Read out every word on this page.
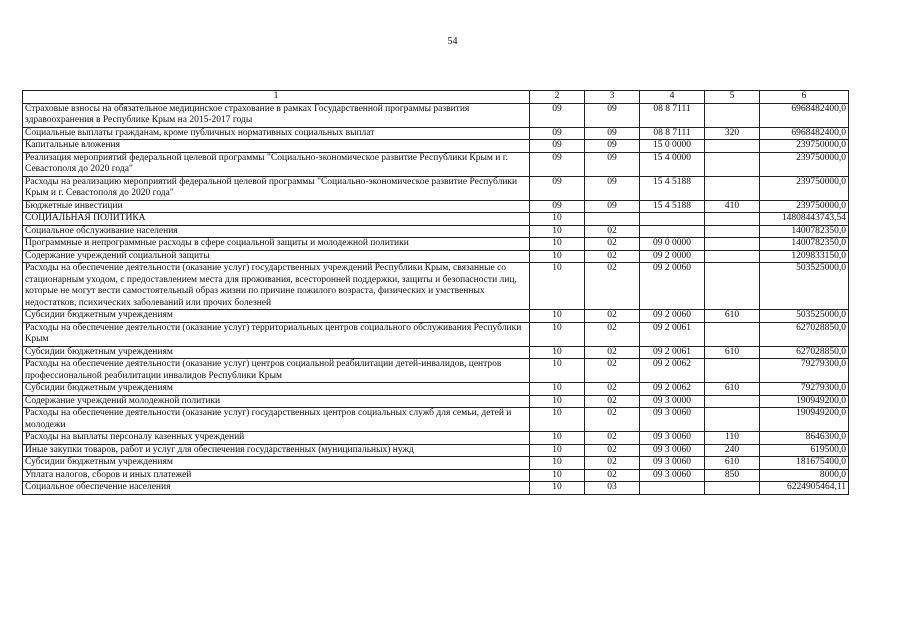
54
1	2	3	4	5	6
Страховые взносы на обязательное медицинское страхование в рамках Государственной программы развития здравоохранения в Республике Крым на 2015-2017 годы	09	09	08 8 7111		6968482400,0
Социальные выплаты гражданам, кроме публичных нормативных социальных выплат	09	09	08 8 7111	320	6968482400,0
Капитальные вложения	09	09	15 0 0000		239750000,0
Реализация мероприятий федеральной целевой программы "Социально-экономическое развитие Республики Крым и г. Севастополя до 2020 года"	09	09	15 4 0000		239750000,0
Расходы на реализацию мероприятий федеральной целевой программы "Социально-экономическое развитие Республики Крым и г. Севастополя до 2020 года"	09	09	15 4 5188		239750000,0
Бюджетные инвестиции	09	09	15 4 5188	410	239750000,0
СОЦИАЛЬНАЯ ПОЛИТИКА	10				14808443743,54
Социальное обслуживание населения	10	02			1400782350,0
Программные и непрограммные расходы в сфере социальной защиты и молодежной политики	10	02	09 0 0000		1400782350,0
Содержание учреждений социальной защиты	10	02	09 2 0000		1209833150,0
Расходы на обеспечение деятельности (оказание услуг) государственных учреждений Республики Крым, связанные со стационарным уходом, с предоставлением места для проживания, всесторонней поддержки, защиты и безопасности лиц, которые не могут вести самостоятельный образ жизни по причине пожилого возраста, физических и умственных недостатков, психических заболеваний или прочих болезней	10	02	09 2 0060		503525000,0
Субсидии бюджетным учреждениям	10	02	09 2 0060	610	503525000,0
Расходы на обеспечение деятельности (оказание услуг) территориальных центров социального обслуживания Республики Крым	10	02	09 2 0061		627028850,0
Субсидии бюджетным учреждениям	10	02	09 2 0061	610	627028850,0
Расходы на обеспечение деятельности (оказание услуг) центров социальной реабилитации детей-инвалидов, центров профессиональной реабилитации инвалидов Республики Крым	10	02	09 2 0062		79279300,0
Субсидии бюджетным учреждениям	10	02	09 2 0062	610	79279300,0
Содержание учреждений молодежной политики	10	02	09 3 0000		190949200,0
Расходы на обеспечение деятельности (оказание услуг) государственных центров социальных служб для семьи, детей и молодежи	10	02	09 3 0060		190949200,0
Расходы на выплаты персоналу казенных учреждений	10	02	09 3 0060	110	8646300,0
Иные закупки товаров, работ и услуг для обеспечения государственных (муниципальных) нужд	10	02	09 3 0060	240	619500,0
Субсидии бюджетным учреждениям	10	02	09 3 0060	610	181675400,0
Уплата налогов, сборов и иных платежей	10	02	09 3 0060	850	8000,0
Социальное обеспечение населения	10	03			6224905464,11
